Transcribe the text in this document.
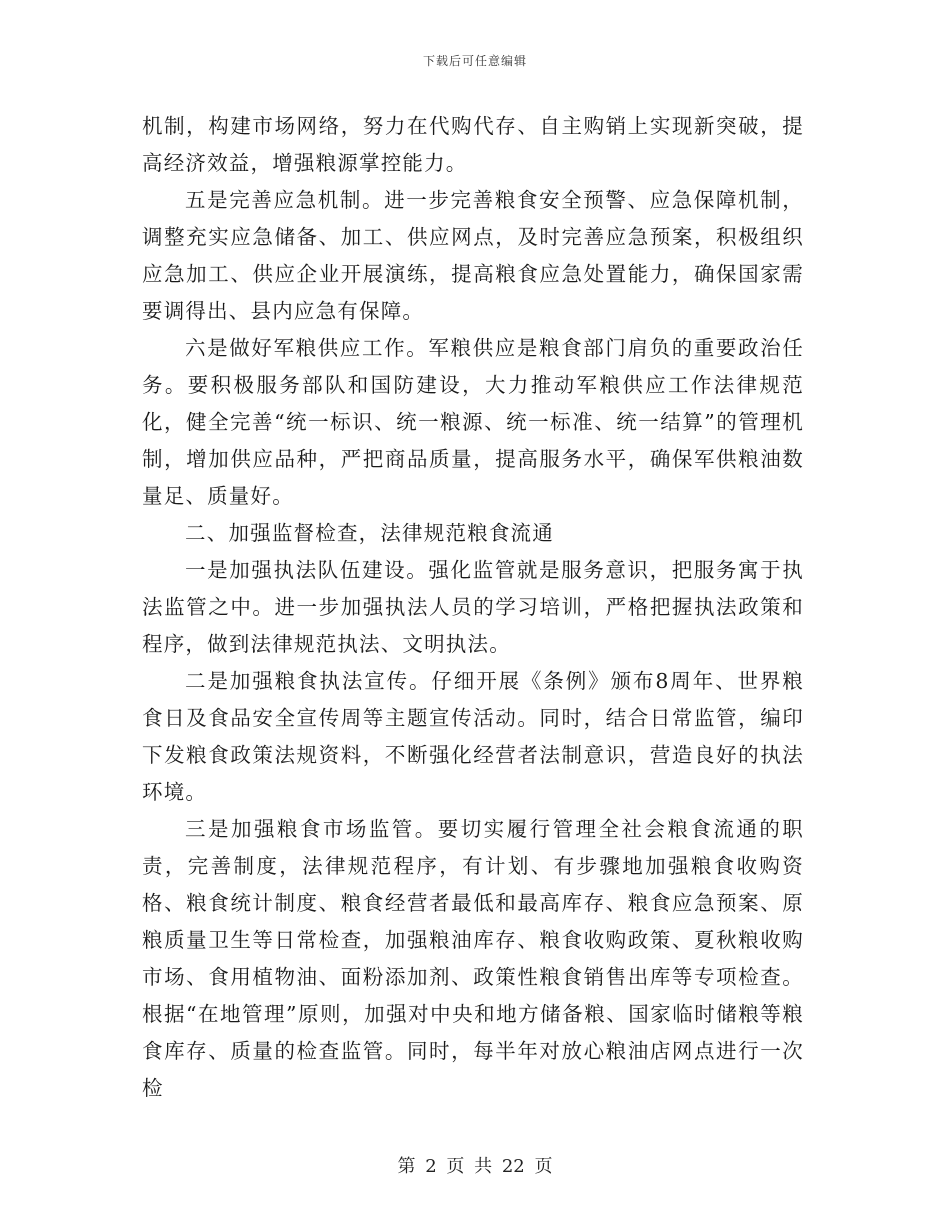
下载后可任意编辑

机制，构建市场网络，努力在代购代存、自主购销上实现新突破，提高经济效益，增强粮源掌控能力。

五是完善应急机制。进一步完善粮食安全预警、应急保障机制，调整充实应急储备、加工、供应网点，及时完善应急预案，积极组织应急加工、供应企业开展演练，提高粮食应急处置能力，确保国家需要调得出、县内应急有保障。

六是做好军粮供应工作。军粮供应是粮食部门肩负的重要政治任务。要积极服务部队和国防建设，大力推动军粮供应工作法律规范化，健全完善“统一标识、统一粮源、统一标准、统一结算”的管理机制，增加供应品种，严把商品质量，提高服务水平，确保军供粮油数量足、质量好。

二、加强监督检查，法律规范粮食流通

一是加强执法队伍建设。强化监管就是服务意识，把服务寓于执法监管之中。进一步加强执法人员的学习培训，严格把握执法政策和程序，做到法律规范执法、文明执法。

二是加强粮食执法宣传。仔细开展《条例》颁布8周年、世界粮食日及食品安全宣传周等主题宣传活动。同时，结合日常监管，编印下发粮食政策法规资料，不断强化经营者法制意识，营造良好的执法环境。

三是加强粮食市场监管。要切实履行管理全社会粮食流通的职责，完善制度，法律规范程序，有计划、有步骤地加强粮食收购资格、粮食统计制度、粮食经营者最低和最高库存、粮食应急预案、原粮质量卫生等日常检查，加强粮油库存、粮食收购政策、夏秋粮收购市场、食用植物油、面粉添加剂、政策性粮食销售出库等专项检查。根据“在地管理”原则，加强对中央和地方储备粮、国家临时储粮等粮食库存、质量的检查监管。同时，每半年对放心粮油店网点进行一次检

第 2 页 共 22 页
